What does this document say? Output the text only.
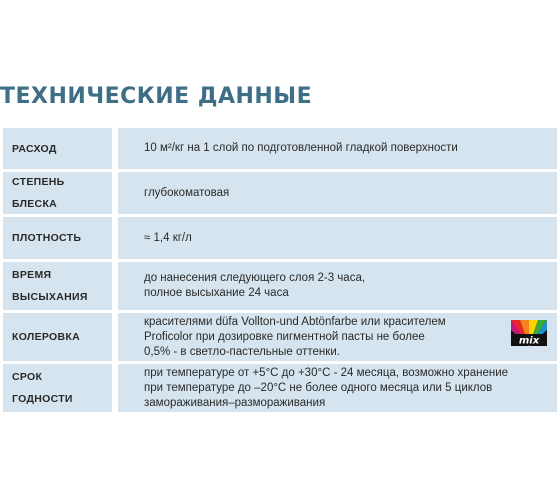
ТЕХНИЧЕСКИЕ ДАННЫЕ
РАСХОД	10 м²/кг на 1 слой по подготовленной гладкой поверхности
СТЕПЕНЬ БЛЕСКА
глубокоматовая
ПЛОТНОСТЬ	≈ 1,4 кг/л
ВРЕМЯ
ВЫСЫХАНИЯ
до нанесения следующего слоя 2-3 часа,
полное высыхание 24 часа
КОЛЕРОВКА
красителями düfa Vollton-und Abtönfarbe или красителем
Proficolor при дозировке пигментной пасты не более
0,5% - в светло-пастельные оттенки.
mix
СРОК
ГОДНОСТИ
при температуре от +5°С до +30°С - 24 месяца, возможно хранение
при температуре до –20°С не более одного месяца или 5 циклов
замораживания–размораживания
